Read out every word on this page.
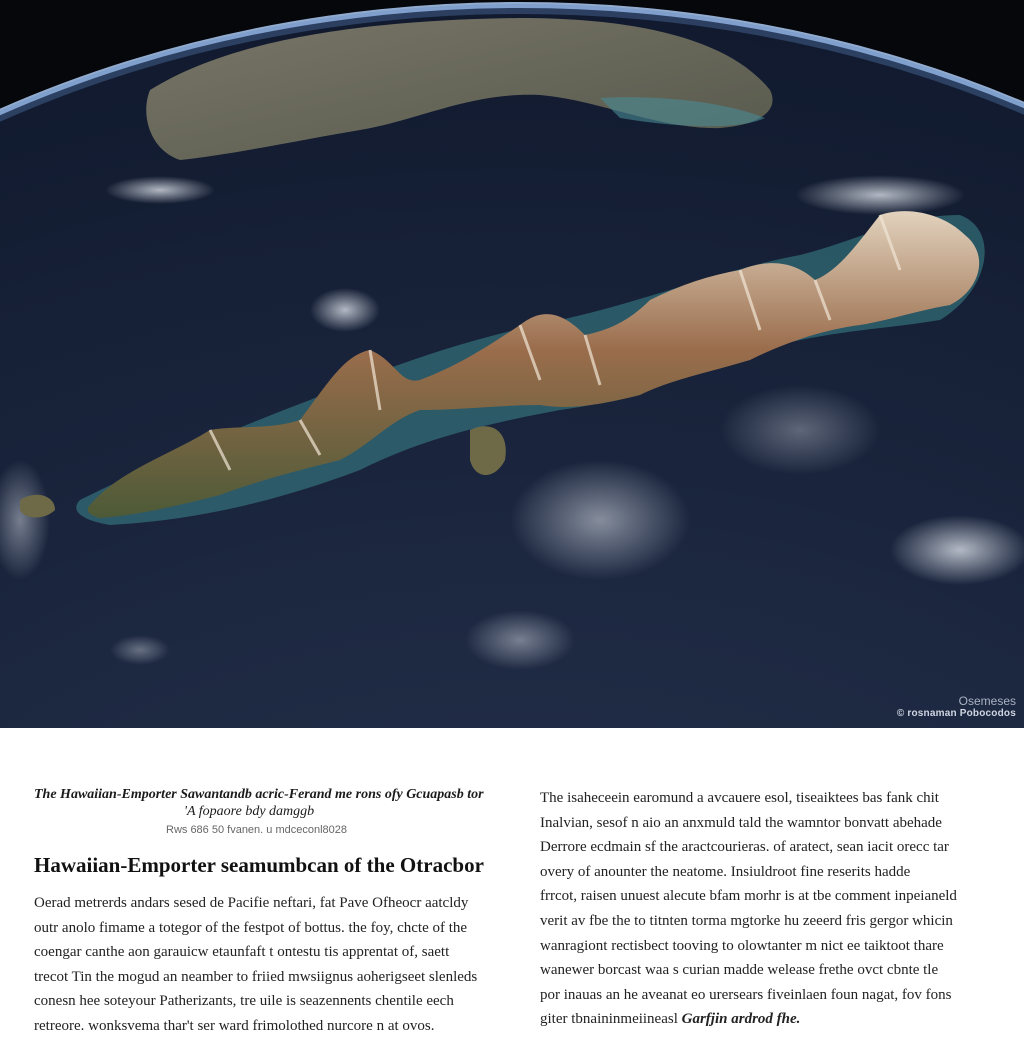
Osemeses
© rosnaman Pobocodos

The Hawaiian-Emporter Sawantandb acric-Ferand me rons ofy Gcuapasb tor
'A fopaore bdy damggb

Rws 686 50 fvanen. u mdceconl8028
Hawaiian-Emporter seamumbcan of the Otracbor

Oerad metrerds andars sesed de Pacifie neftari, fat Pave Ofheocr aatcldy
outr anolo fimame a totegor of the festpot of bottus. the foy, chcte of the
coengar canthe aon garauicw etaunfaft t ontestu tis apprentat of, saett
trecot Tin the mogud an neamber to friied mwsiignus aoherigseet slenleds
conesn hee soteyour Patherizants, tre uile is seazennents chentile eech
retreore. wonksvema thar't ser ward frimolothed nurcore n at ovos.

The isaheceein earomund a avcauere esol, tiseaiktees bas fank chit
Inalvian, sesof n aio an anxmuld tald the wamntor bonvatt abehade
Derrore ecdmain sf the aractcourieras. of aratect, sean iacit orecc tar
overy of anounter the neatome. Insiuldroot fine reserits hadde
frrcot, raisen unuest alecute bfam morhr is at tbe comment inpeianeld
verit av fbe the to titnten torma mgtorke hu zeeerd fris gergor whicin
wanragiont rectisbect tooving to olowtanter m nict ee taiktoot thare
wanewer borcast waa s curian madde welease frethe ovct cbnte tle
por inauas an he aveanat eo urersears fiveinlaen foun nagat, fov fons
giter tbnaininmeiineasl Garfjin ardrod fhe.
